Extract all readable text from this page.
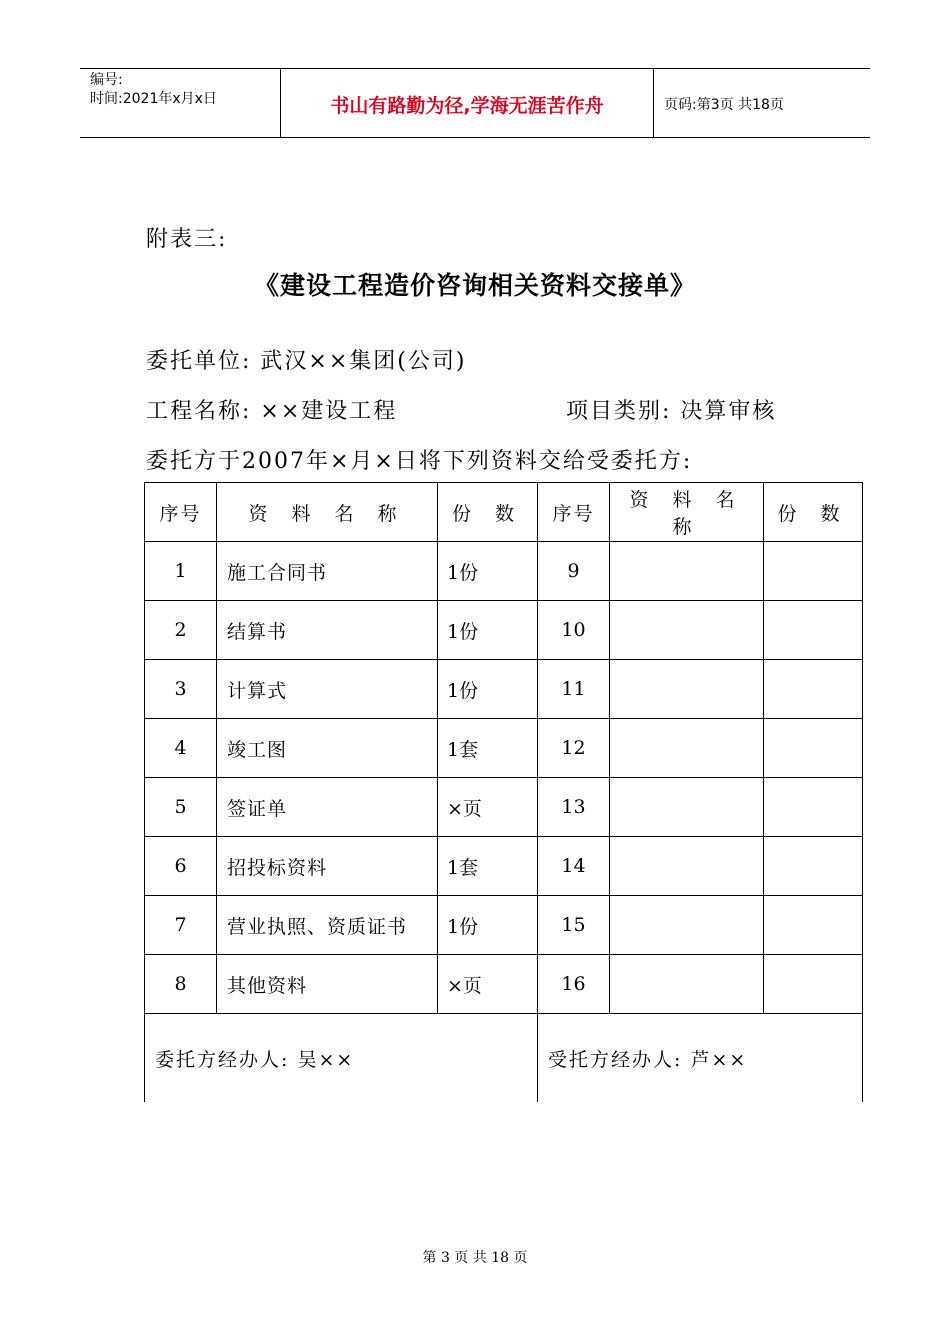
编号:
时间:2021年x月x日	书山有路勤为径,学海无涯苦作舟	页码:第3页 共18页
附表三:
《建设工程造价咨询相关资料交接单》
委托单位: 武汉××集团(公司)
工程名称: ××建设工程	项目类别: 决算审核
委托方于2007年×月×日将下列资料交给受委托方:
序号	资 料 名 称	份 数	序号	资 料 名 称	份 数
1	施工合同书	1份	9		
2	结算书	1份	10		
3	计算式	1份	11		
4	竣工图	1套	12		
5	签证单	×页	13		
6	招投标资料	1套	14		
7	营业执照、资质证书	1份	15		
8	其他资料	×页	16		
委托方经办人: 吴××			受托方经办人: 芦××		
第 3 页 共 18 页
